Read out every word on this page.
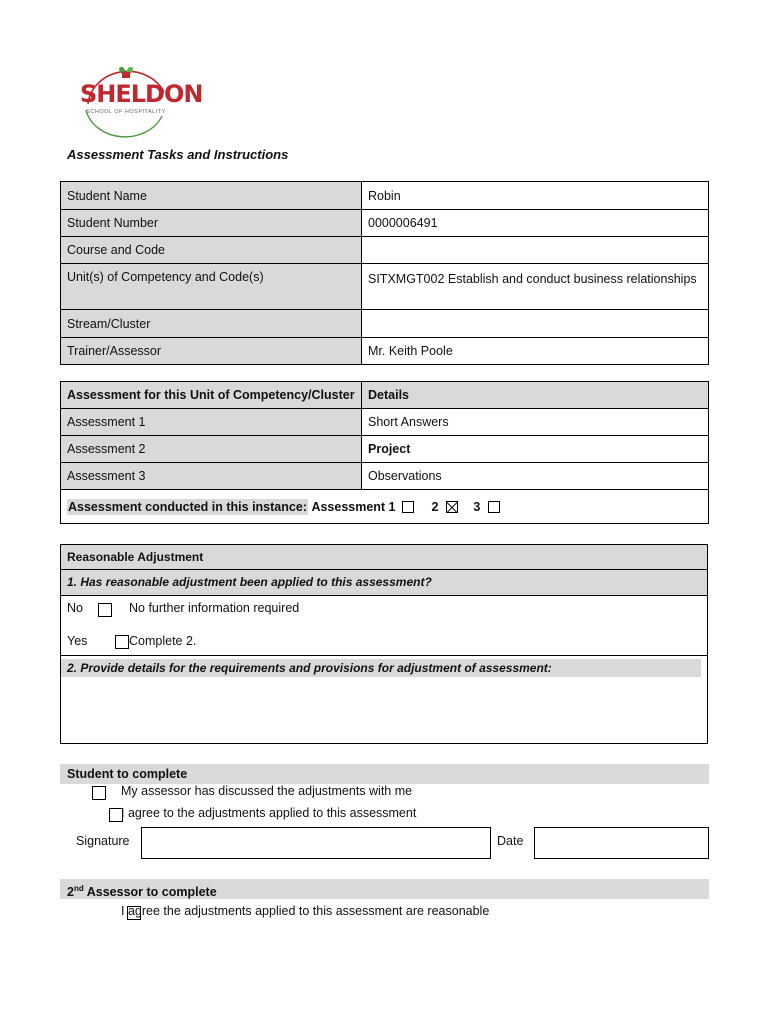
SHELDON
SCHOOL OF HOSPITALITY
Assessment Tasks and Instructions
Student Name	Robin
Student Number	0000006491
Course and Code	
Unit(s) of Competency and Code(s)	SITXMGT002 Establish and conduct business relationships
Stream/Cluster	
Trainer/Assessor	Mr. Keith Poole
Assessment for this Unit of Competency/Cluster	Details
Assessment 1	Short Answers
Assessment 2	Project
Assessment 3	Observations
Assessment conducted in this instance: Assessment 1 2 3	
Reasonable Adjustment
1. Has reasonable adjustment been applied to this assessment?
No
	No further information required
Yes	Complete 2.
2. Provide details for the requirements and provisions for adjustment of assessment:
Student to complete

My assessor has discussed the adjustments with me

I agree to the adjustments applied to this assessment
Signature	Date
2nd Assessor to complete
I agree the adjustments applied to this assessment are reasonable
